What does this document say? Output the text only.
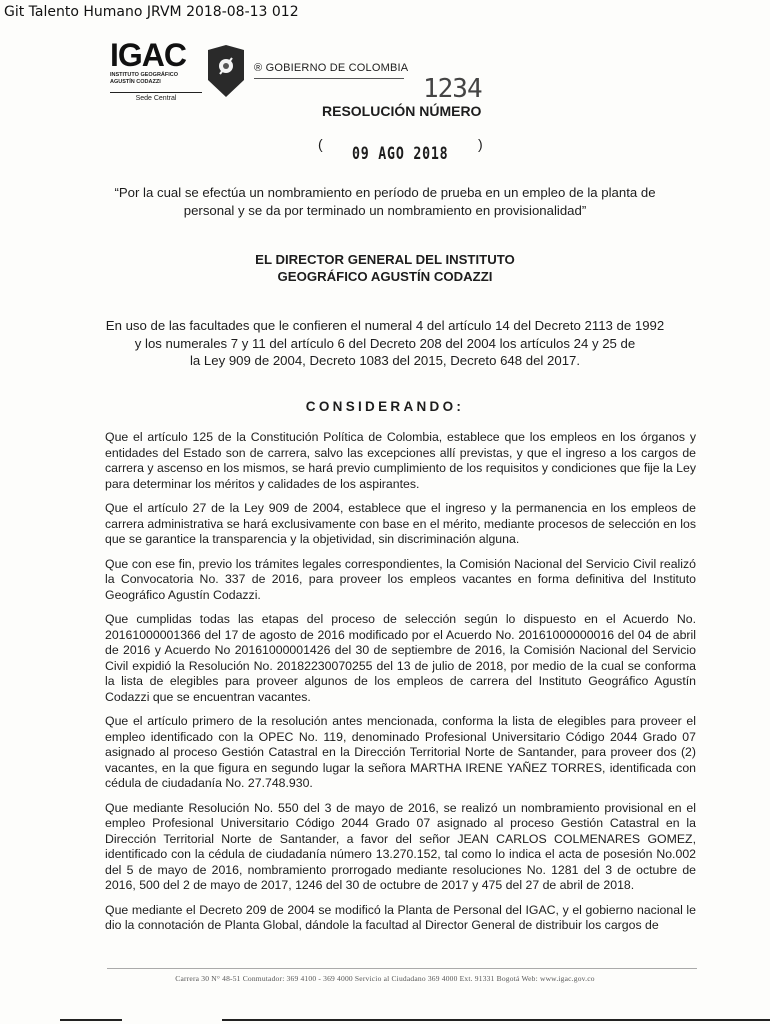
Git Talento Humano JRVM 2018-08-13 012
IGAC
INSTITUTO GEOGRÁFICO
AGUSTÍN CODAZZI
Sede Central
® GOBIERNO DE COLOMBIA
1234
RESOLUCIÓN NÚMERO
( 09 AGO 2018 )
“Por la cual se efectúa un nombramiento en período de prueba en un empleo de la planta de
personal y se da por terminado un nombramiento en provisionalidad”
EL DIRECTOR GENERAL DEL INSTITUTO
GEOGRÁFICO AGUSTÍN CODAZZI
En uso de las facultades que le confieren el numeral 4 del artículo 14 del Decreto 2113 de 1992
y los numerales 7 y 11 del artículo 6 del Decreto 208 del 2004 los artículos 24 y 25 de
la Ley 909 de 2004, Decreto 1083 del 2015, Decreto 648 del 2017.
CONSIDERANDO:

Que el artículo 125 de la Constitución Política de Colombia, establece que los empleos en los órganos y entidades del Estado son de carrera, salvo las excepciones allí previstas, y que el ingreso a los cargos de carrera y ascenso en los mismos, se hará previo cumplimiento de los requisitos y condiciones que fije la Ley para determinar los méritos y calidades de los aspirantes.

Que el artículo 27 de la Ley 909 de 2004, establece que el ingreso y la permanencia en los empleos de carrera administrativa se hará exclusivamente con base en el mérito, mediante procesos de selección en los que se garantice la transparencia y la objetividad, sin discriminación alguna.

Que con ese fin, previo los trámites legales correspondientes, la Comisión Nacional del Servicio Civil realizó la Convocatoria No. 337 de 2016, para proveer los empleos vacantes en forma definitiva del Instituto Geográfico Agustín Codazzi.

Que cumplidas todas las etapas del proceso de selección según lo dispuesto en el Acuerdo No. 20161000001366 del 17 de agosto de 2016 modificado por el Acuerdo No. 20161000000016 del 04 de abril de 2016 y Acuerdo No 20161000001426 del 30 de septiembre de 2016, la Comisión Nacional del Servicio Civil expidió la Resolución No. 20182230070255 del 13 de julio de 2018, por medio de la cual se conforma la lista de elegibles para proveer algunos de los empleos de carrera del Instituto Geográfico Agustín Codazzi que se encuentran vacantes.

Que el artículo primero de la resolución antes mencionada, conforma la lista de elegibles para proveer el empleo identificado con la OPEC No. 119, denominado Profesional Universitario Código 2044 Grado 07 asignado al proceso Gestión Catastral en la Dirección Territorial Norte de Santander, para proveer dos (2) vacantes, en la que figura en segundo lugar la señora MARTHA IRENE YAÑEZ TORRES, identificada con cédula de ciudadanía No. 27.748.930.

Que mediante Resolución No. 550 del 3 de mayo de 2016, se realizó un nombramiento provisional en el empleo Profesional Universitario Código 2044 Grado 07 asignado al proceso Gestión Catastral en la Dirección Territorial Norte de Santander, a favor del señor JEAN CARLOS COLMENARES GOMEZ, identificado con la cédula de ciudadanía número 13.270.152, tal como lo indica el acta de posesión No.002 del 5 de mayo de 2016, nombramiento prorrogado mediante resoluciones No. 1281 del 3 de octubre de 2016, 500 del 2 de mayo de 2017, 1246 del 30 de octubre de 2017 y 475 del 27 de abril de 2018.

Que mediante el Decreto 209 de 2004 se modificó la Planta de Personal del IGAC, y el gobierno nacional le dio la connotación de Planta Global, dándole la facultad al Director General de distribuir los cargos de

Carrera 30 N° 48-51 Conmutador: 369 4100 - 369 4000 Servicio al Ciudadano 369 4000 Ext. 91331 Bogotá Web: www.igac.gov.co
